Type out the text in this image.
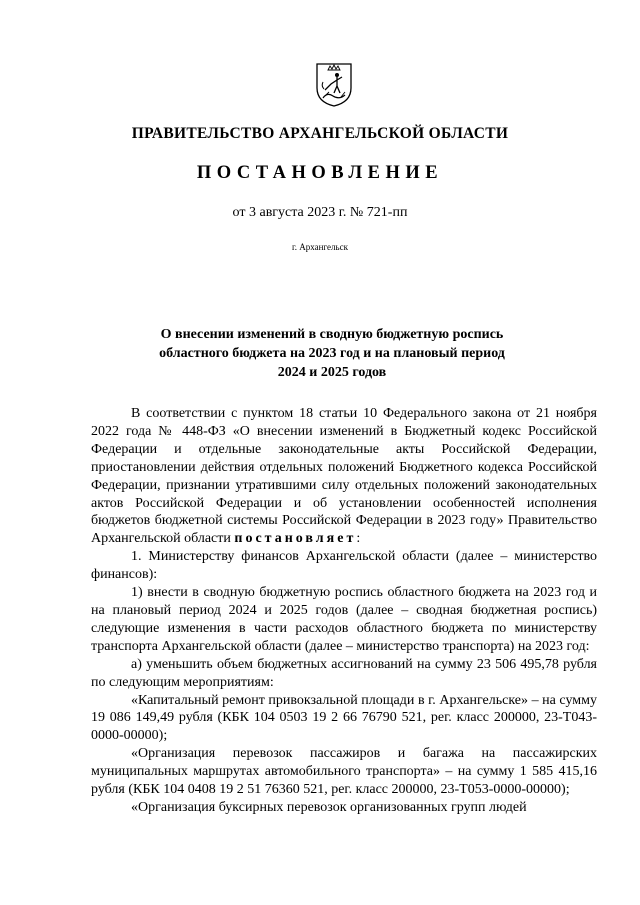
ПРАВИТЕЛЬСТВО АРХАНГЕЛЬСКОЙ ОБЛАСТИ
ПОСТАНОВЛЕНИЕ
от 3 августа 2023 г. № 721-пп
г. Архангельск
О внесении изменений в сводную бюджетную роспись
областного бюджета на 2023 год и на плановый период
2024 и 2025 годов

В соответствии с пунктом 18 статьи 10 Федерального закона от 21 ноября 2022 года № 448-ФЗ «О внесении изменений в Бюджетный кодекс Российской Федерации и отдельные законодательные акты Российской Федерации, приостановлении действия отдельных положений Бюджетного кодекса Российской Федерации, признании утратившими силу отдельных положений законодательных актов Российской Федерации и об установлении особенностей исполнения бюджетов бюджетной системы Российской Федерации в 2023 году» Правительство Архангельской области постановляет:

1. Министерству финансов Архангельской области (далее – министерство финансов):

1) внести в сводную бюджетную роспись областного бюджета на 2023 год и на плановый период 2024 и 2025 годов (далее – сводная бюджетная роспись) следующие изменения в части расходов областного бюджета по министерству транспорта Архангельской области (далее – министерство транспорта) на 2023 год:

а) уменьшить объем бюджетных ассигнований на сумму 23 506 495,78 рубля по следующим мероприятиям:

«Капитальный ремонт привокзальной площади в г. Архангельске» – на сумму 19 086 149,49 рубля (КБК 104 0503 19 2 66 76790 521, рег. класс 200000, 23-Т043-0000-00000);

«Организация перевозок пассажиров и багажа на пассажирских муниципальных маршрутах автомобильного транспорта» – на сумму 1 585 415,16 рубля (КБК 104 0408 19 2 51 76360 521, рег. класс 200000, 23-Т053-0000-00000);

«Организация буксирных перевозок организованных групп людей
